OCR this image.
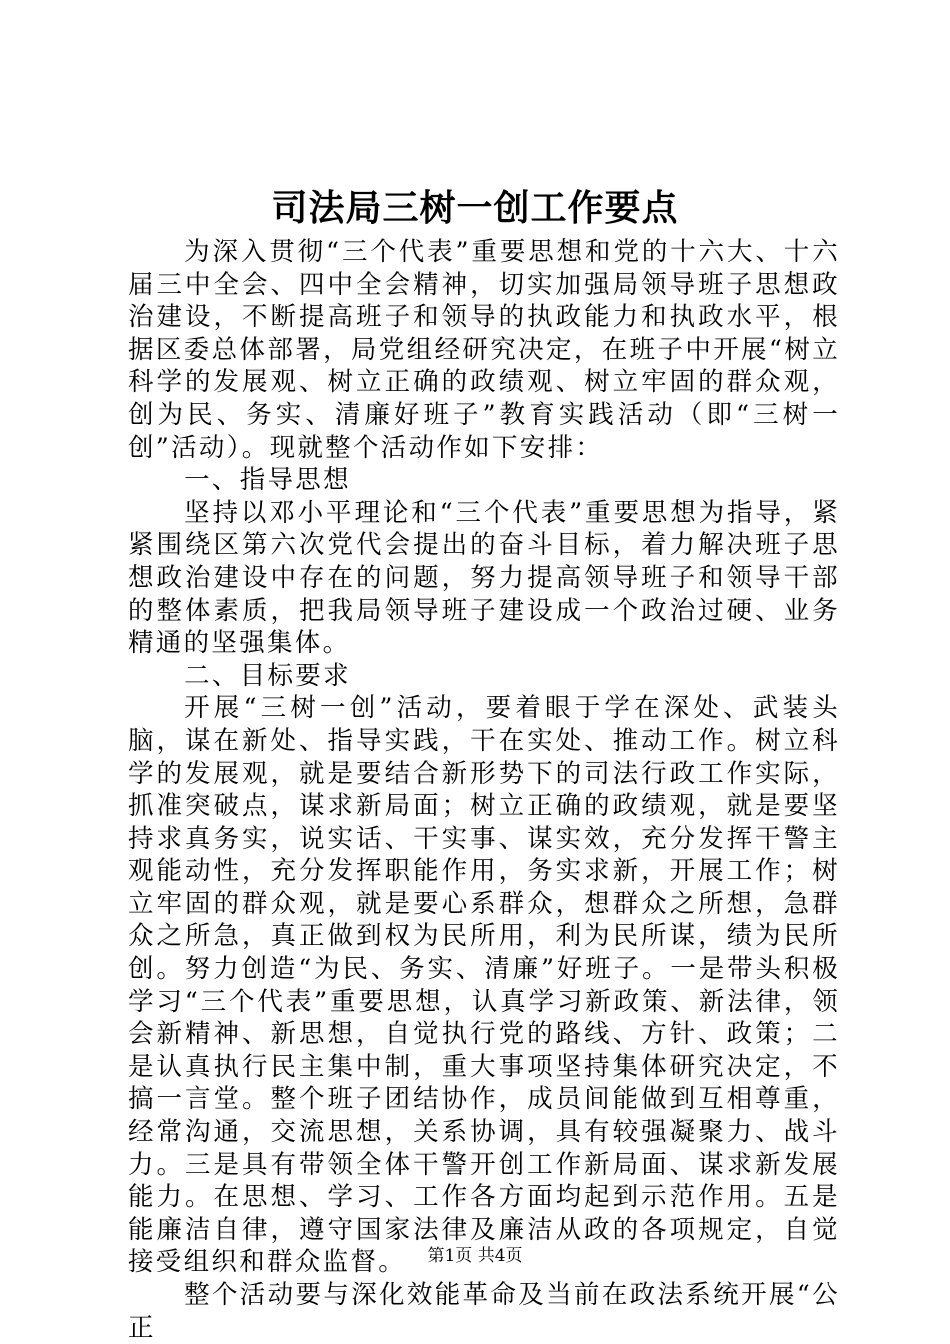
司法局三树一创工作要点

为深入贯彻“三个代表”重要思想和党的十六大、十六届三中全会、四中全会精神，切实加强局领导班子思想政治建设，不断提高班子和领导的执政能力和执政水平，根据区委总体部署，局党组经研究决定，在班子中开展“树立科学的发展观、树立正确的政绩观、树立牢固的群众观，创为民、务实、清廉好班子”教育实践活动（即“三树一创”活动）。现就整个活动作如下安排：

一、指导思想

坚持以邓小平理论和“三个代表”重要思想为指导，紧紧围绕区第六次党代会提出的奋斗目标，着力解决班子思想政治建设中存在的问题，努力提高领导班子和领导干部的整体素质，把我局领导班子建设成一个政治过硬、业务精通的坚强集体。

二、目标要求

开展“三树一创”活动，要着眼于学在深处、武装头脑，谋在新处、指导实践，干在实处、推动工作。树立科学的发展观，就是要结合新形势下的司法行政工作实际，抓准突破点，谋求新局面；树立正确的政绩观，就是要坚持求真务实，说实话、干实事、谋实效，充分发挥干警主观能动性，充分发挥职能作用，务实求新，开展工作；树立牢固的群众观，就是要心系群众，想群众之所想，急群众之所急，真正做到权为民所用，利为民所谋，绩为民所创。努力创造“为民、务实、清廉”好班子。一是带头积极学习“三个代表”重要思想，认真学习新政策、新法律，领会新精神、新思想，自觉执行党的路线、方针、政策；二是认真执行民主集中制，重大事项坚持集体研究决定，不搞一言堂。整个班子团结协作，成员间能做到互相尊重，经常沟通，交流思想，关系协调，具有较强凝聚力、战斗力。三是具有带领全体干警开创工作新局面、谋求新发展能力。在思想、学习、工作各方面均起到示范作用。五是能廉洁自律，遵守国家法律及廉洁从政的各项规定，自觉接受组织和群众监督。

整个活动要与深化效能革命及当前在政法系统开展“公正

第1页 共4页
